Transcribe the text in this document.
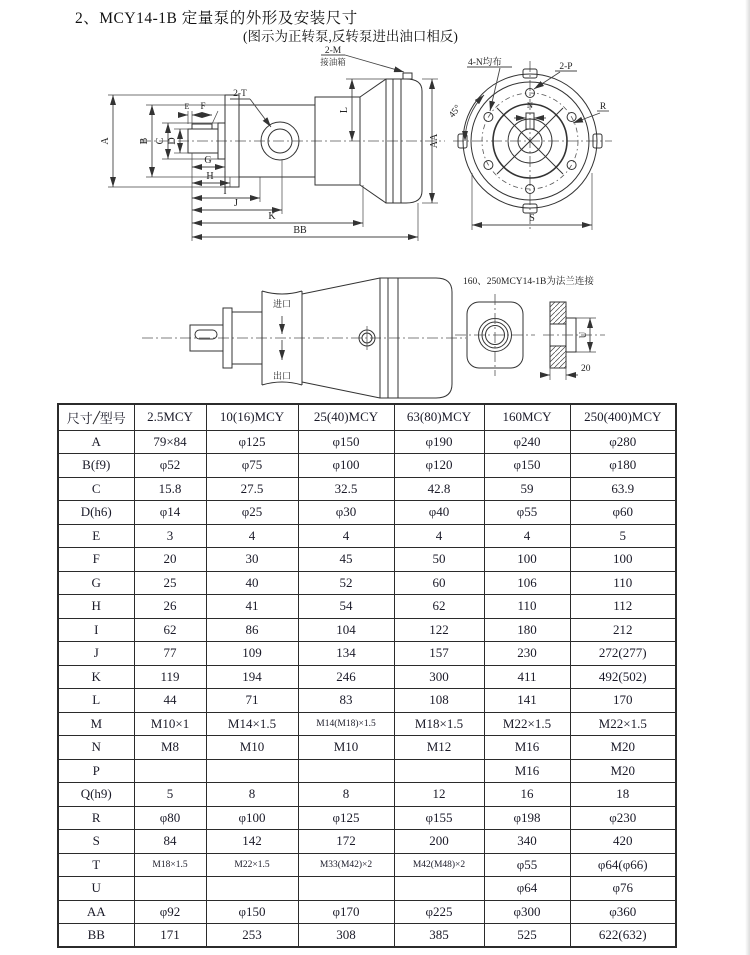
2、MCY14-1B 定量泵的外形及安装尺寸
(图示为正转泵,反转泵进出油口相反)
A	B C D
E F
G
H
I
J
K
BB
L
AA
2-T
2-M
接油箱
N
4-N均布	2-P
R
45°
S
进口
出口
160、250MCY14-1B为法兰连接
U
20
尺寸 型号	2.5MCY	10(16)MCY	25(40)MCY	63(80)MCY	160MCY	250(400)MCY
A	79×84	φ125	φ150	φ190	φ240	φ280
B(f9)	φ52	φ75	φ100	φ120	φ150	φ180
C	15.8	27.5	32.5	42.8	59	63.9
D(h6)	φ14	φ25	φ30	φ40	φ55	φ60
E	3	4	4	4	4	5
F	20	30	45	50	100	100
G	25	40	52	60	106	110
H	26	41	54	62	110	112
I	62	86	104	122	180	212
J	77	109	134	157	230	272(277)
K	119	194	246	300	411	492(502)
L	44	71	83	108	141	170
M	M10×1	M14×1.5	M14(M18)×1.5	M18×1.5	M22×1.5	M22×1.5
N	M8	M10	M10	M12	M16	M20
P					M16	M20
Q(h9)	5	8	8	12	16	18
R	φ80	φ100	φ125	φ155	φ198	φ230
S	84	142	172	200	340	420
T	M18×1.5	M22×1.5	M33(M42)×2	M42(M48)×2	φ55	φ64(φ66)
U					φ64	φ76
AA	φ92	φ150	φ170	φ225	φ300	φ360
BB	171	253	308	385	525	622(632)
